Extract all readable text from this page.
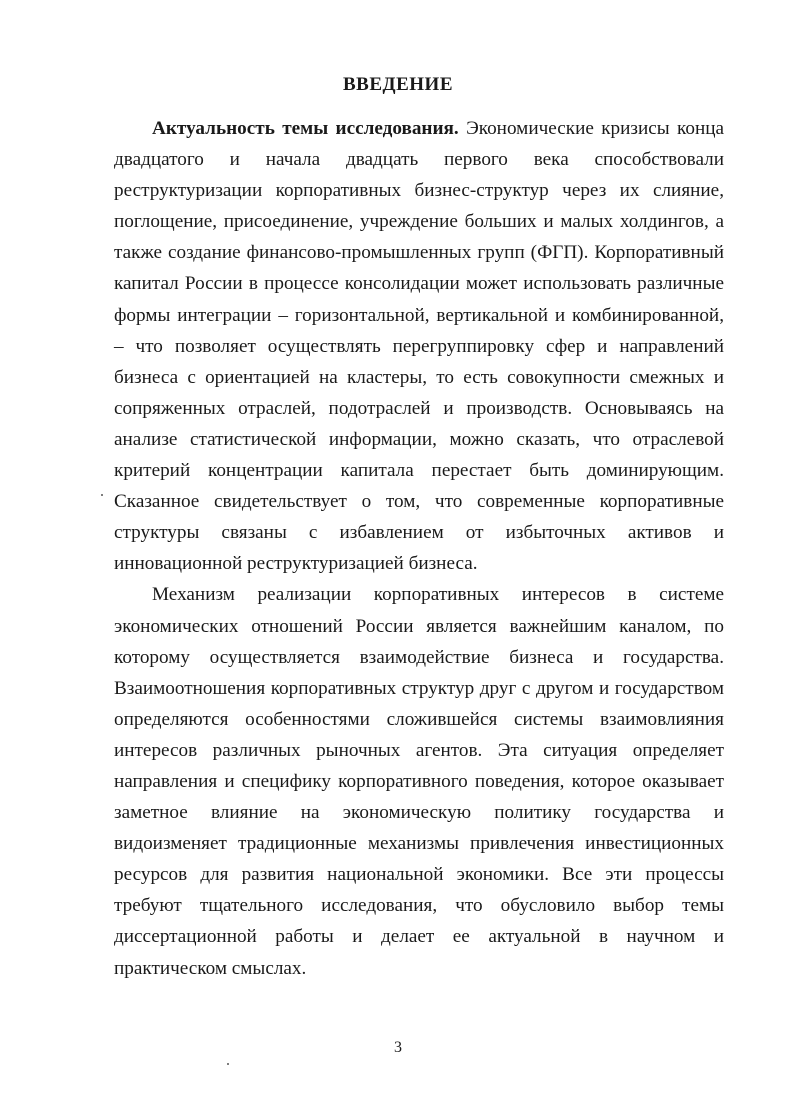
ВВЕДЕНИЕ

Актуальность темы исследования. Экономические кризисы конца двадцатого и начала двадцать первого века способствовали реструктуризации корпоративных бизнес-структур через их слияние, поглощение, присоединение, учреждение больших и малых холдингов, а также создание финансово-промышленных групп (ФГП). Корпоративный капитал России в процессе консолидации может использовать различные формы интеграции – горизонтальной, вертикальной и комбинированной, – что позволяет осуществлять перегруппировку сфер и направлений бизнеса с ориентацией на кластеры, то есть совокупности смежных и сопряженных отраслей, подотраслей и производств. Основываясь на анализе статистической информации, можно сказать, что отраслевой критерий концентрации капитала перестает быть доминирующим. Сказанное свидетельствует о том, что современные корпоративные структуры связаны с избавлением от избыточных активов и инновационной реструктуризацией бизнеса.

Механизм реализации корпоративных интересов в системе экономических отношений России является важнейшим каналом, по которому осуществляется взаимодействие бизнеса и государства. Взаимоотношения корпоративных структур друг с другом и государством определяются особенностями сложившейся системы взаимовлияния интересов различных рыночных агентов. Эта ситуация определяет направления и специфику корпоративного поведения, которое оказывает заметное влияние на экономическую политику государства и видоизменяет традиционные механизмы привлечения инвестиционных ресурсов для развития национальной экономики. Все эти процессы требуют тщательного исследования, что обусловило выбор темы диссертационной работы и делает ее актуальной в научном и практическом смыслах.

3
